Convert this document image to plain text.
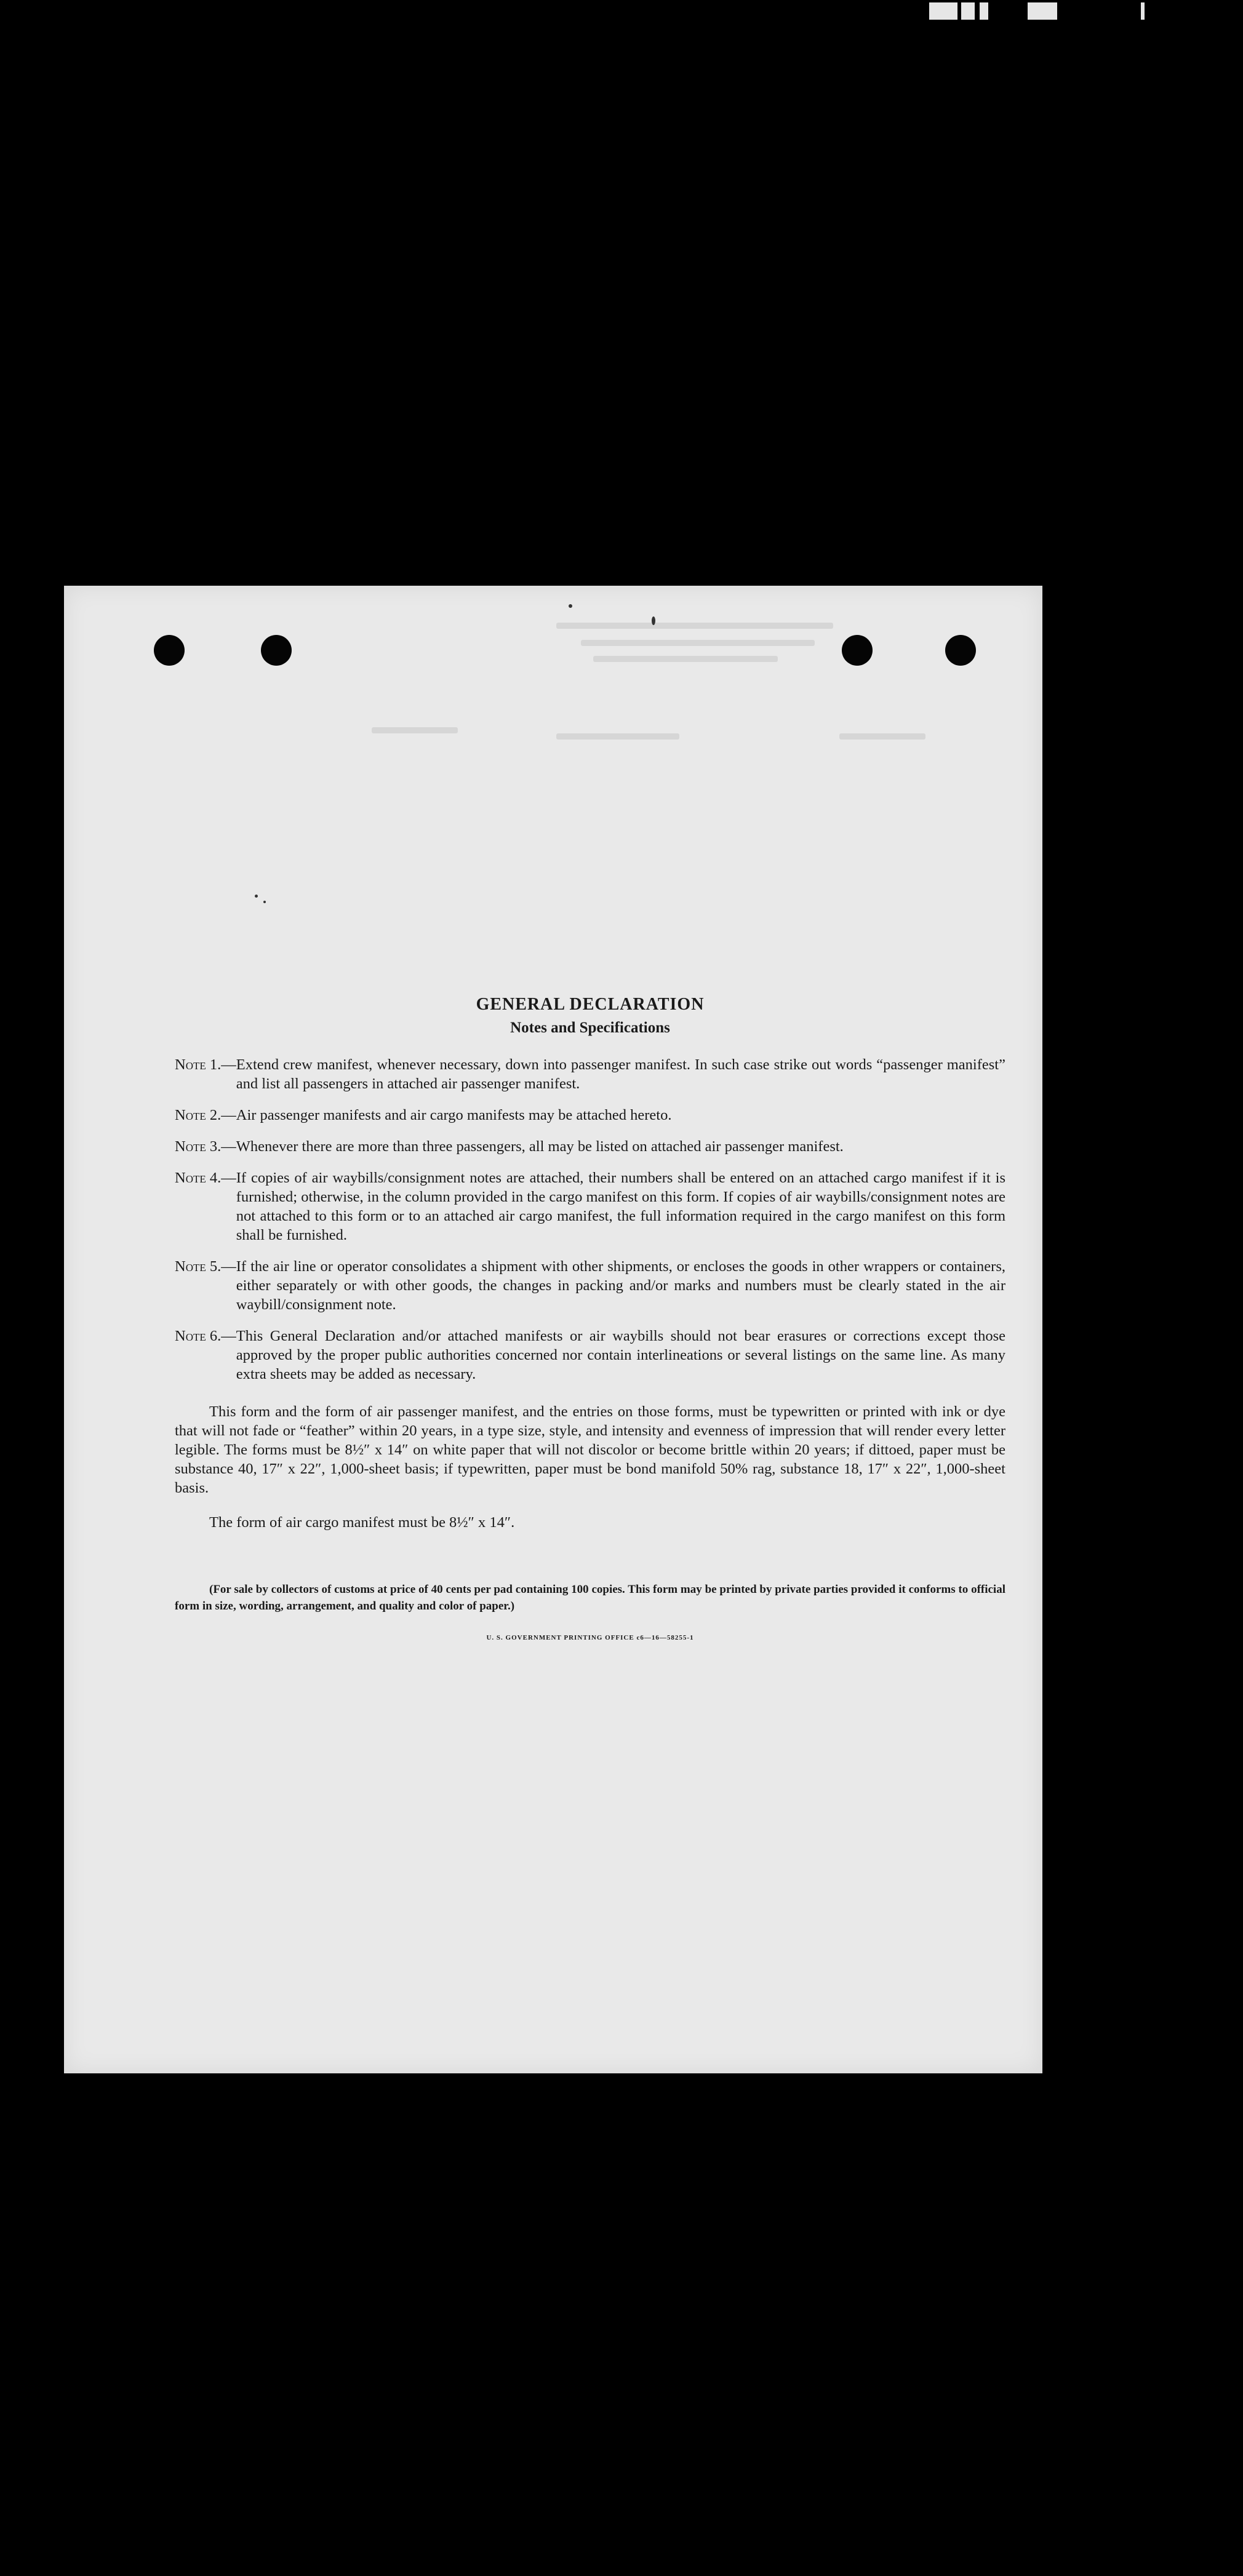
GENERAL DECLARATION

Notes and Specifications

Note 1. — Extend crew manifest, whenever necessary, down into passenger manifest. In such case strike out words “passenger manifest” and list all passengers in attached air passenger manifest.
Note 2. — Air passenger manifests and air cargo manifests may be attached hereto.
Note 3. — Whenever there are more than three passengers, all may be listed on attached air passenger manifest.
Note 4. — If copies of air waybills/consignment notes are attached, their numbers shall be entered on an attached cargo manifest if it is furnished; otherwise, in the column provided in the cargo manifest on this form. If copies of air waybills/consignment notes are not attached to this form or to an attached air cargo manifest, the full information required in the cargo manifest on this form shall be furnished.
Note 5. — If the air line or operator consolidates a shipment with other shipments, or encloses the goods in other wrappers or containers, either separately or with other goods, the changes in packing and/or marks and numbers must be clearly stated in the air waybill/consignment note.
Note 6. — This General Declaration and/or attached manifests or air waybills should not bear erasures or corrections except those approved by the proper public authorities concerned nor contain interlineations or several listings on the same line. As many extra sheets may be added as necessary.

This form and the form of air passenger manifest, and the entries on those forms, must be typewritten or printed with ink or dye that will not fade or “feather” within 20 years, in a type size, style, and intensity and evenness of impression that will render every letter legible. The forms must be 8½″ x 14″ on white paper that will not discolor or become brittle within 20 years; if dittoed, paper must be substance 40, 17″ x 22″, 1,000-sheet basis; if typewritten, paper must be bond manifold 50% rag, substance 18, 17″ x 22″, 1,000-sheet basis.

The form of air cargo manifest must be 8½″ x 14″.

(For sale by collectors of customs at price of 40 cents per pad containing 100 copies. This form may be printed by private parties provided it conforms to official form in size, wording, arrangement, and quality and color of paper.)

U. S. GOVERNMENT PRINTING OFFICE c6—16—58255-1
